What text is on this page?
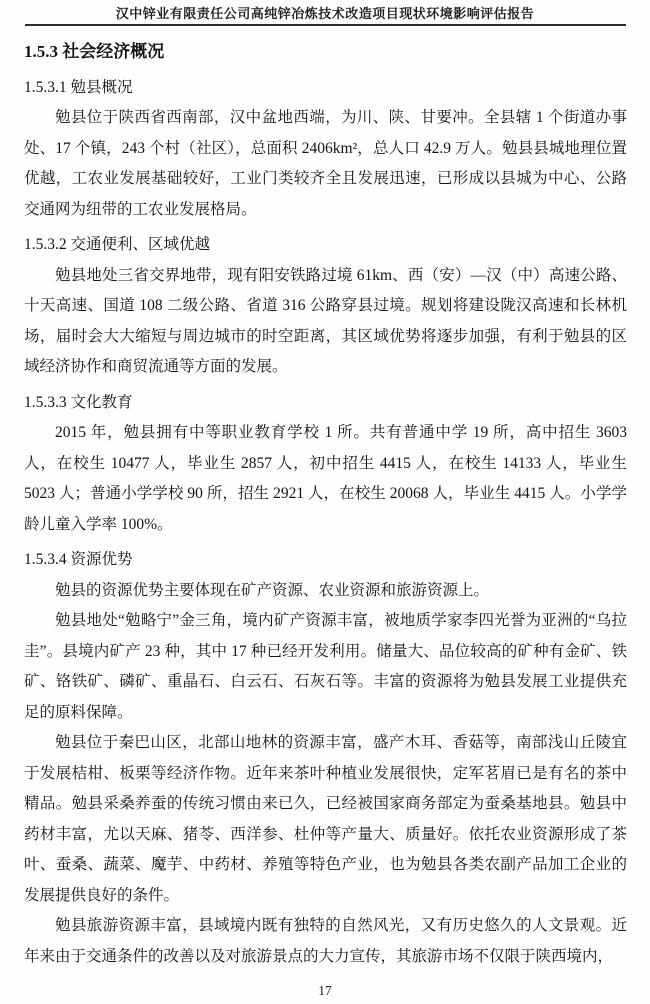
汉中锌业有限责任公司高纯锌冶炼技术改造项目现状环境影响评估报告
1.5.3 社会经济概况
1.5.3.1 勉县概况
勉县位于陕西省西南部，汉中盆地西端，为川、陕、甘要冲。全县辖 1 个街道办事处、17 个镇，243 个村（社区），总面积 2406km²，总人口 42.9 万人。勉县县城地理位置优越，工农业发展基础较好，工业门类较齐全且发展迅速，已形成以县城为中心、公路交通网为纽带的工农业发展格局。
1.5.3.2 交通便利、区域优越
勉县地处三省交界地带，现有阳安铁路过境 61km、西（安）—汉（中）高速公路、十天高速、国道 108 二级公路、省道 316 公路穿县过境。规划将建设陇汉高速和长林机场，届时会大大缩短与周边城市的时空距离，其区域优势将逐步加强，有利于勉县的区域经济协作和商贸流通等方面的发展。
1.5.3.3 文化教育
2015 年，勉县拥有中等职业教育学校 1 所。共有普通中学 19 所，高中招生 3603 人，在校生 10477 人，毕业生 2857 人，初中招生 4415 人，在校生 14133 人，毕业生 5023 人；普通小学学校 90 所，招生 2921 人，在校生 20068 人，毕业生 4415 人。小学学龄儿童入学率 100%。
1.5.3.4 资源优势
勉县的资源优势主要体现在矿产资源、农业资源和旅游资源上。
勉县地处“勉略宁”金三角，境内矿产资源丰富，被地质学家李四光誉为亚洲的“乌拉圭”。县境内矿产 23 种，其中 17 种已经开发利用。储量大、品位较高的矿种有金矿、铁矿、铬铁矿、磷矿、重晶石、白云石、石灰石等。丰富的资源将为勉县发展工业提供充足的原料保障。
勉县位于秦巴山区，北部山地林的资源丰富，盛产木耳、香菇等，南部浅山丘陵宜于发展桔柑、板栗等经济作物。近年来茶叶种植业发展很快，定军茗眉已是有名的茶中精品。勉县采桑养蚕的传统习惯由来已久，已经被国家商务部定为蚕桑基地县。勉县中药材丰富，尤以天麻、猪苓、西洋参、杜仲等产量大、质量好。依托农业资源形成了茶叶、蚕桑、蔬菜、魔芋、中药材、养殖等特色产业，也为勉县各类农副产品加工企业的发展提供良好的条件。
勉县旅游资源丰富，县域境内既有独特的自然风光，又有历史悠久的人文景观。近年来由于交通条件的改善以及对旅游景点的大力宣传，其旅游市场不仅限于陕西境内，
17
